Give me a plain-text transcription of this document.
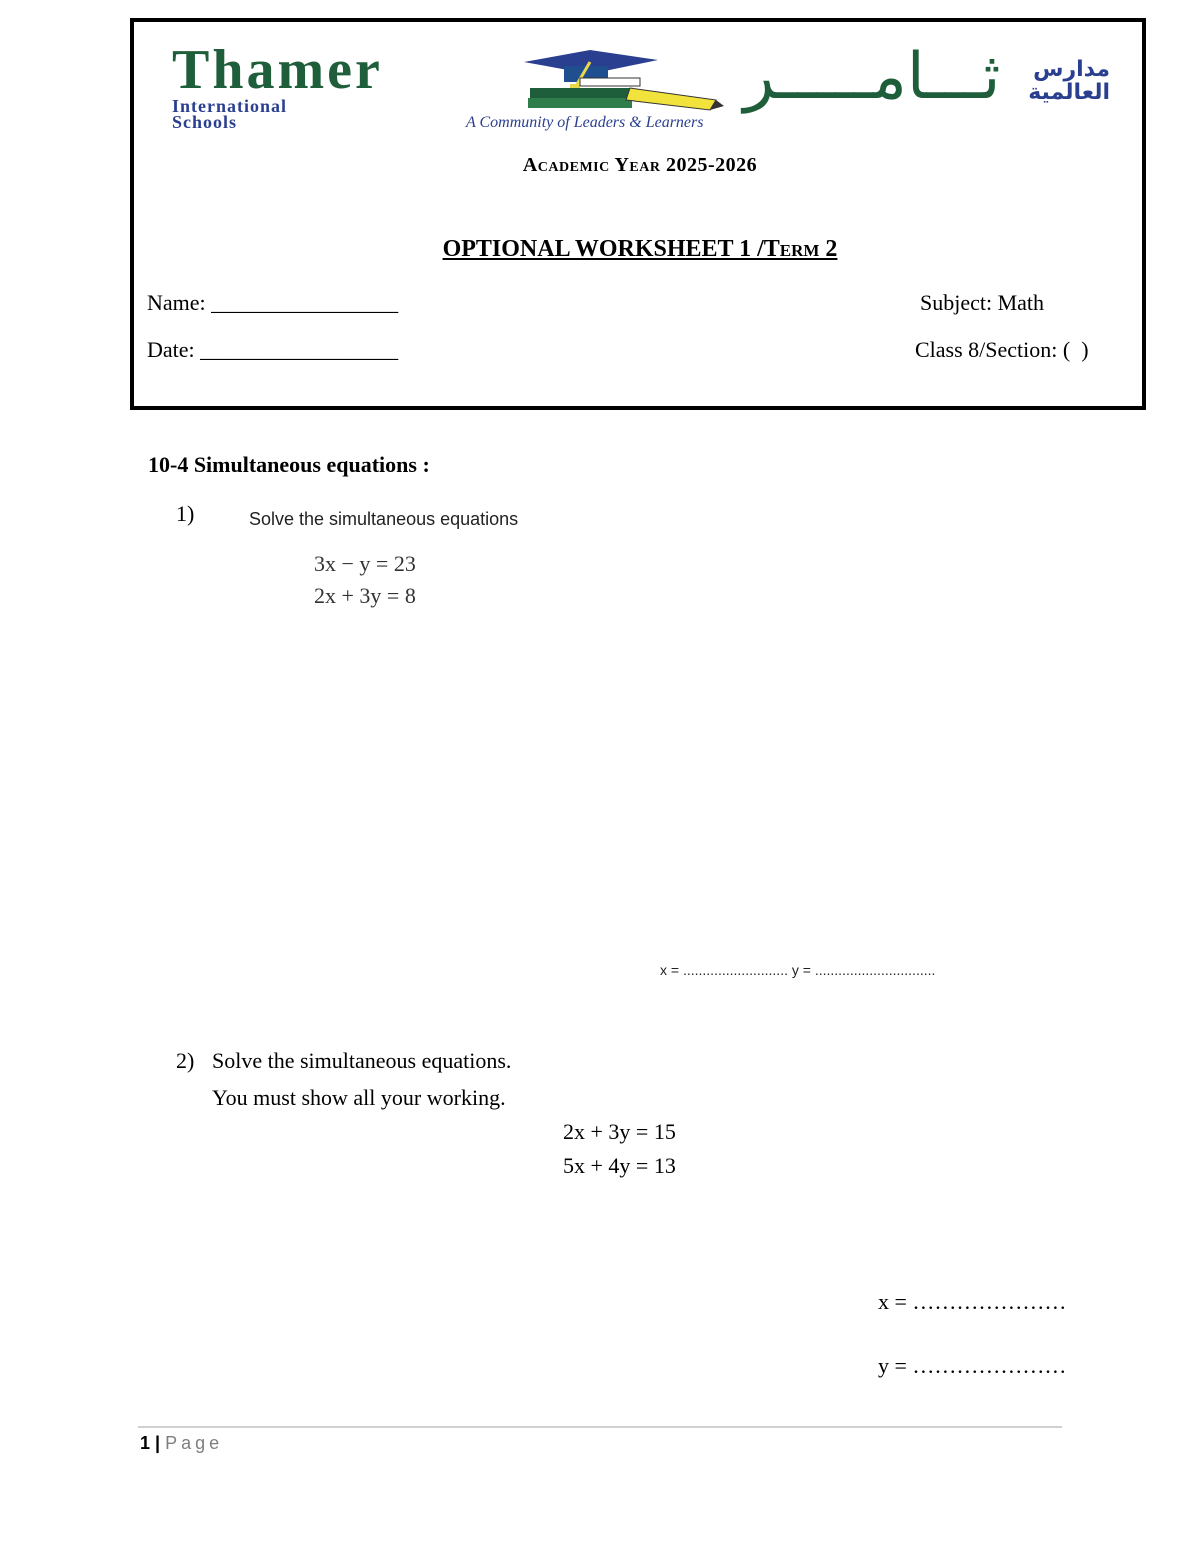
Thamer
International
Schools	A Community of Leaders & Learners
ثـــامـــــر	مدارس
العالمية
Academic Year 2025-2026
OPTIONAL WORKSHEET 1 /Term 2
Name: _________________
Date: __________________
Subject: Math
Class 8/Section: (  )
10-4 Simultaneous equations :
1)	Solve the simultaneous equations
3x − y = 23
2x + 3y = 8
x = ........................... y = ...............................
2) Solve the simultaneous equations.
You must show all your working.
2x + 3y = 15
5x + 4y = 13
x = …………………
y = …………………
1 | Page
